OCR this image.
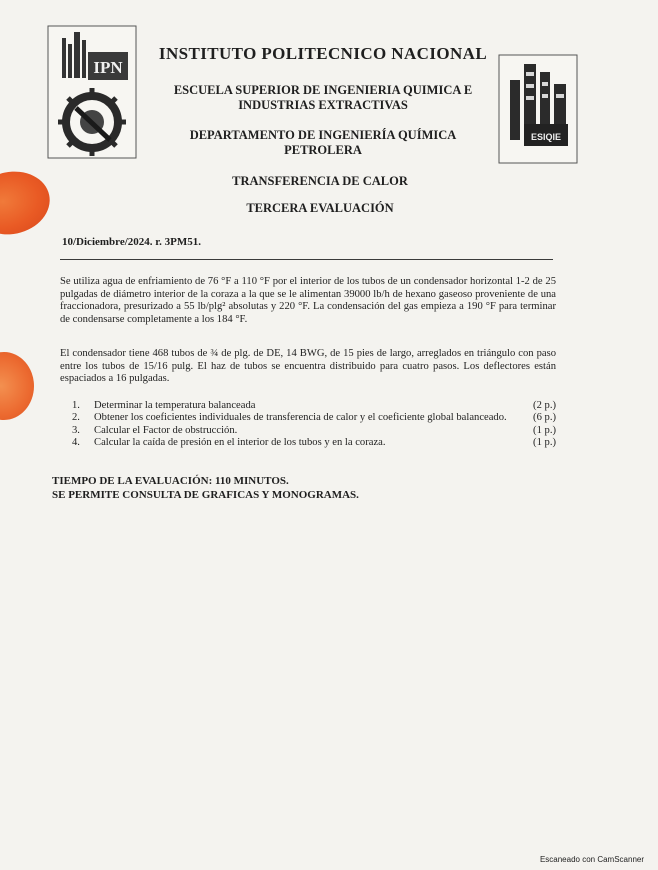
IPN
ESIQIE
INSTITUTO POLITECNICO NACIONAL
ESCUELA SUPERIOR DE INGENIERIA QUIMICA E
INDUSTRIAS EXTRACTIVAS
DEPARTAMENTO DE INGENIERÍA QUÍMICA
PETROLERA
TRANSFERENCIA DE CALOR
TERCERA EVALUACIÓN
10/Diciembre/2024. r. 3PM51.
Se utiliza agua de enfriamiento de 76 °F a 110 °F por el interior de los tubos de un condensador horizontal 1-2 de 25 pulgadas de diámetro interior de la coraza a la que se le alimentan 39000 lb/h de hexano gaseoso proveniente de una fraccionadora, presurizado a 55 lb/plg² absolutas y 220 °F. La condensación del gas empieza a 190 °F para terminar de condensarse completamente a los 184 °F.
El condensador tiene 468 tubos de ¾ de plg. de DE, 14 BWG, de 15 pies de largo, arreglados en triángulo con paso entre los tubos de 15/16 pulg. El haz de tubos se encuentra distribuido para cuatro pasos. Los deflectores están espaciados a 16 pulgadas.
1. Determinar la temperatura balanceada	(2 p.)
2. Obtener los coeficientes individuales de transferencia de calor y el coeficiente global balanceado.	(6 p.)
3. Calcular el Factor de obstrucción.	(1 p.)
4. Calcular la caída de presión en el interior de los tubos y en la coraza.	(1 p.)
TIEMPO DE LA EVALUACIÓN: 110 MINUTOS.
SE PERMITE CONSULTA DE GRAFICAS Y MONOGRAMAS.
Escaneado con CamScanner
